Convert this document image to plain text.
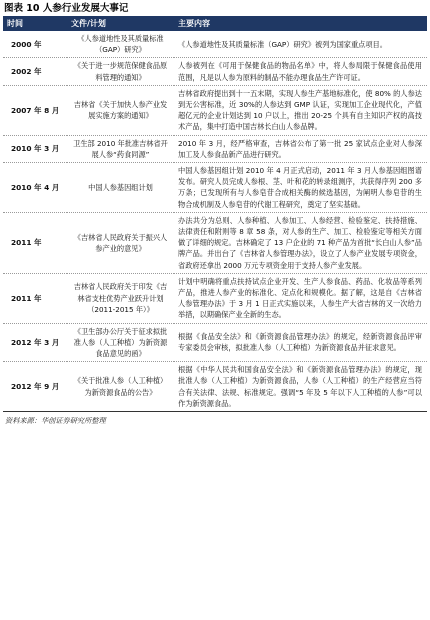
图表 10 人参行业发展大事记
时间	文件/计划	主要内容
2000 年	《人参道地性及其质量标准（GAP）研究》	《人参道地性及其质量标准（GAP）研究》被列为国家重点项目。
2002 年	《关于进一步规范保健食品原料管理的通知》	人参被列在《可用于保健食品的物品名单》中，将人参局限于保健食品使用范围，凡是以人参为原料的制品不能办理食品生产许可证。
2007 年 8 月	吉林省《关于加快人参产业发展实施方案的通知》	吉林省政府提出到十一五末期，实现人参生产基地标准化，使 80% 的人参达到无公害标准，近 30%的人参达到 GMP 认证，实现加工企业现代化，产值超亿元的企业计划达到 10 户以上，推出 20-25 个具有自主知识产权的高技术产品，集中打造中国吉林长白山人参品牌。
2010 年 3 月	卫生部 2010 年批准吉林省开展人参“药食同源”	2010 年 3 月，经严格审查，吉林省公布了第一批 25 家试点企业对人参深加工及人参食品新产品进行研究。
2010 年 4 月	中国人参基因组计划	中国人参基因组计划 2010 年 4 月正式启动，2011 年 3 月人参基因组图谱发布。研究人员完成人参根、茎、叶和花的转录组测序，共获得序列 200 多万条；已发现所有与人参皂苷合成相关酶的候选基因，为阐明人参皂苷的生物合成机制及人参皂苷的代谢工程研究，奠定了坚实基础。
2011 年	《吉林省人民政府关于振兴人参产业的意见》	办法共分为总则、人参种植、人参加工、人参经营、检验鉴定、扶持措施、法律责任和附则等 8 章 58 条，对人参的生产、加工、检验鉴定等相关方面做了详细的规定。吉林确定了 13 户企业的 71 种产品为首批“长白山人参”品牌产品。并出台了《吉林省人参管理办法》，设立了人参产业发展专项资金，省政府还拿出 2000 万元专项资金用于支持人参产业发展。
2011 年	吉林省人民政府关于印发《吉林省支柱优势产业跃升计划（2011-2015 年）》	计划中明确将重点扶持试点企业开发、生产人参食品、药品、化妆品等系列产品，推进人参产业的标准化、定点化和规模化。据了解，这是自《吉林省人参管理办法》于 3 月 1 日正式实施以来，人参生产大省吉林的又一次给力举措，以期确保产业全新的生态。
2012 年 3 月	《卫生部办公厅关于征求拟批准人参（人工种植）为新资源食品意见的函》	根据《食品安全法》和《新资源食品管理办法》的规定，经新资源食品评审专家委员会审核，拟批准人参（人工种植）为新资源食品并征求意见。
2012 年 9 月	《关于批准人参（人工种植）为新资源食品的公告》	根据《中华人民共和国食品安全法》和《新资源食品管理办法》的规定，现批准人参（人工种植）为新资源食品，人参（人工种植）的生产经营应当符合有关法律、法规、标准规定。强调“5 年及 5 年以下人工种植的人参”可以作为新资源食品。
资料来源：华创证券研究所整理
